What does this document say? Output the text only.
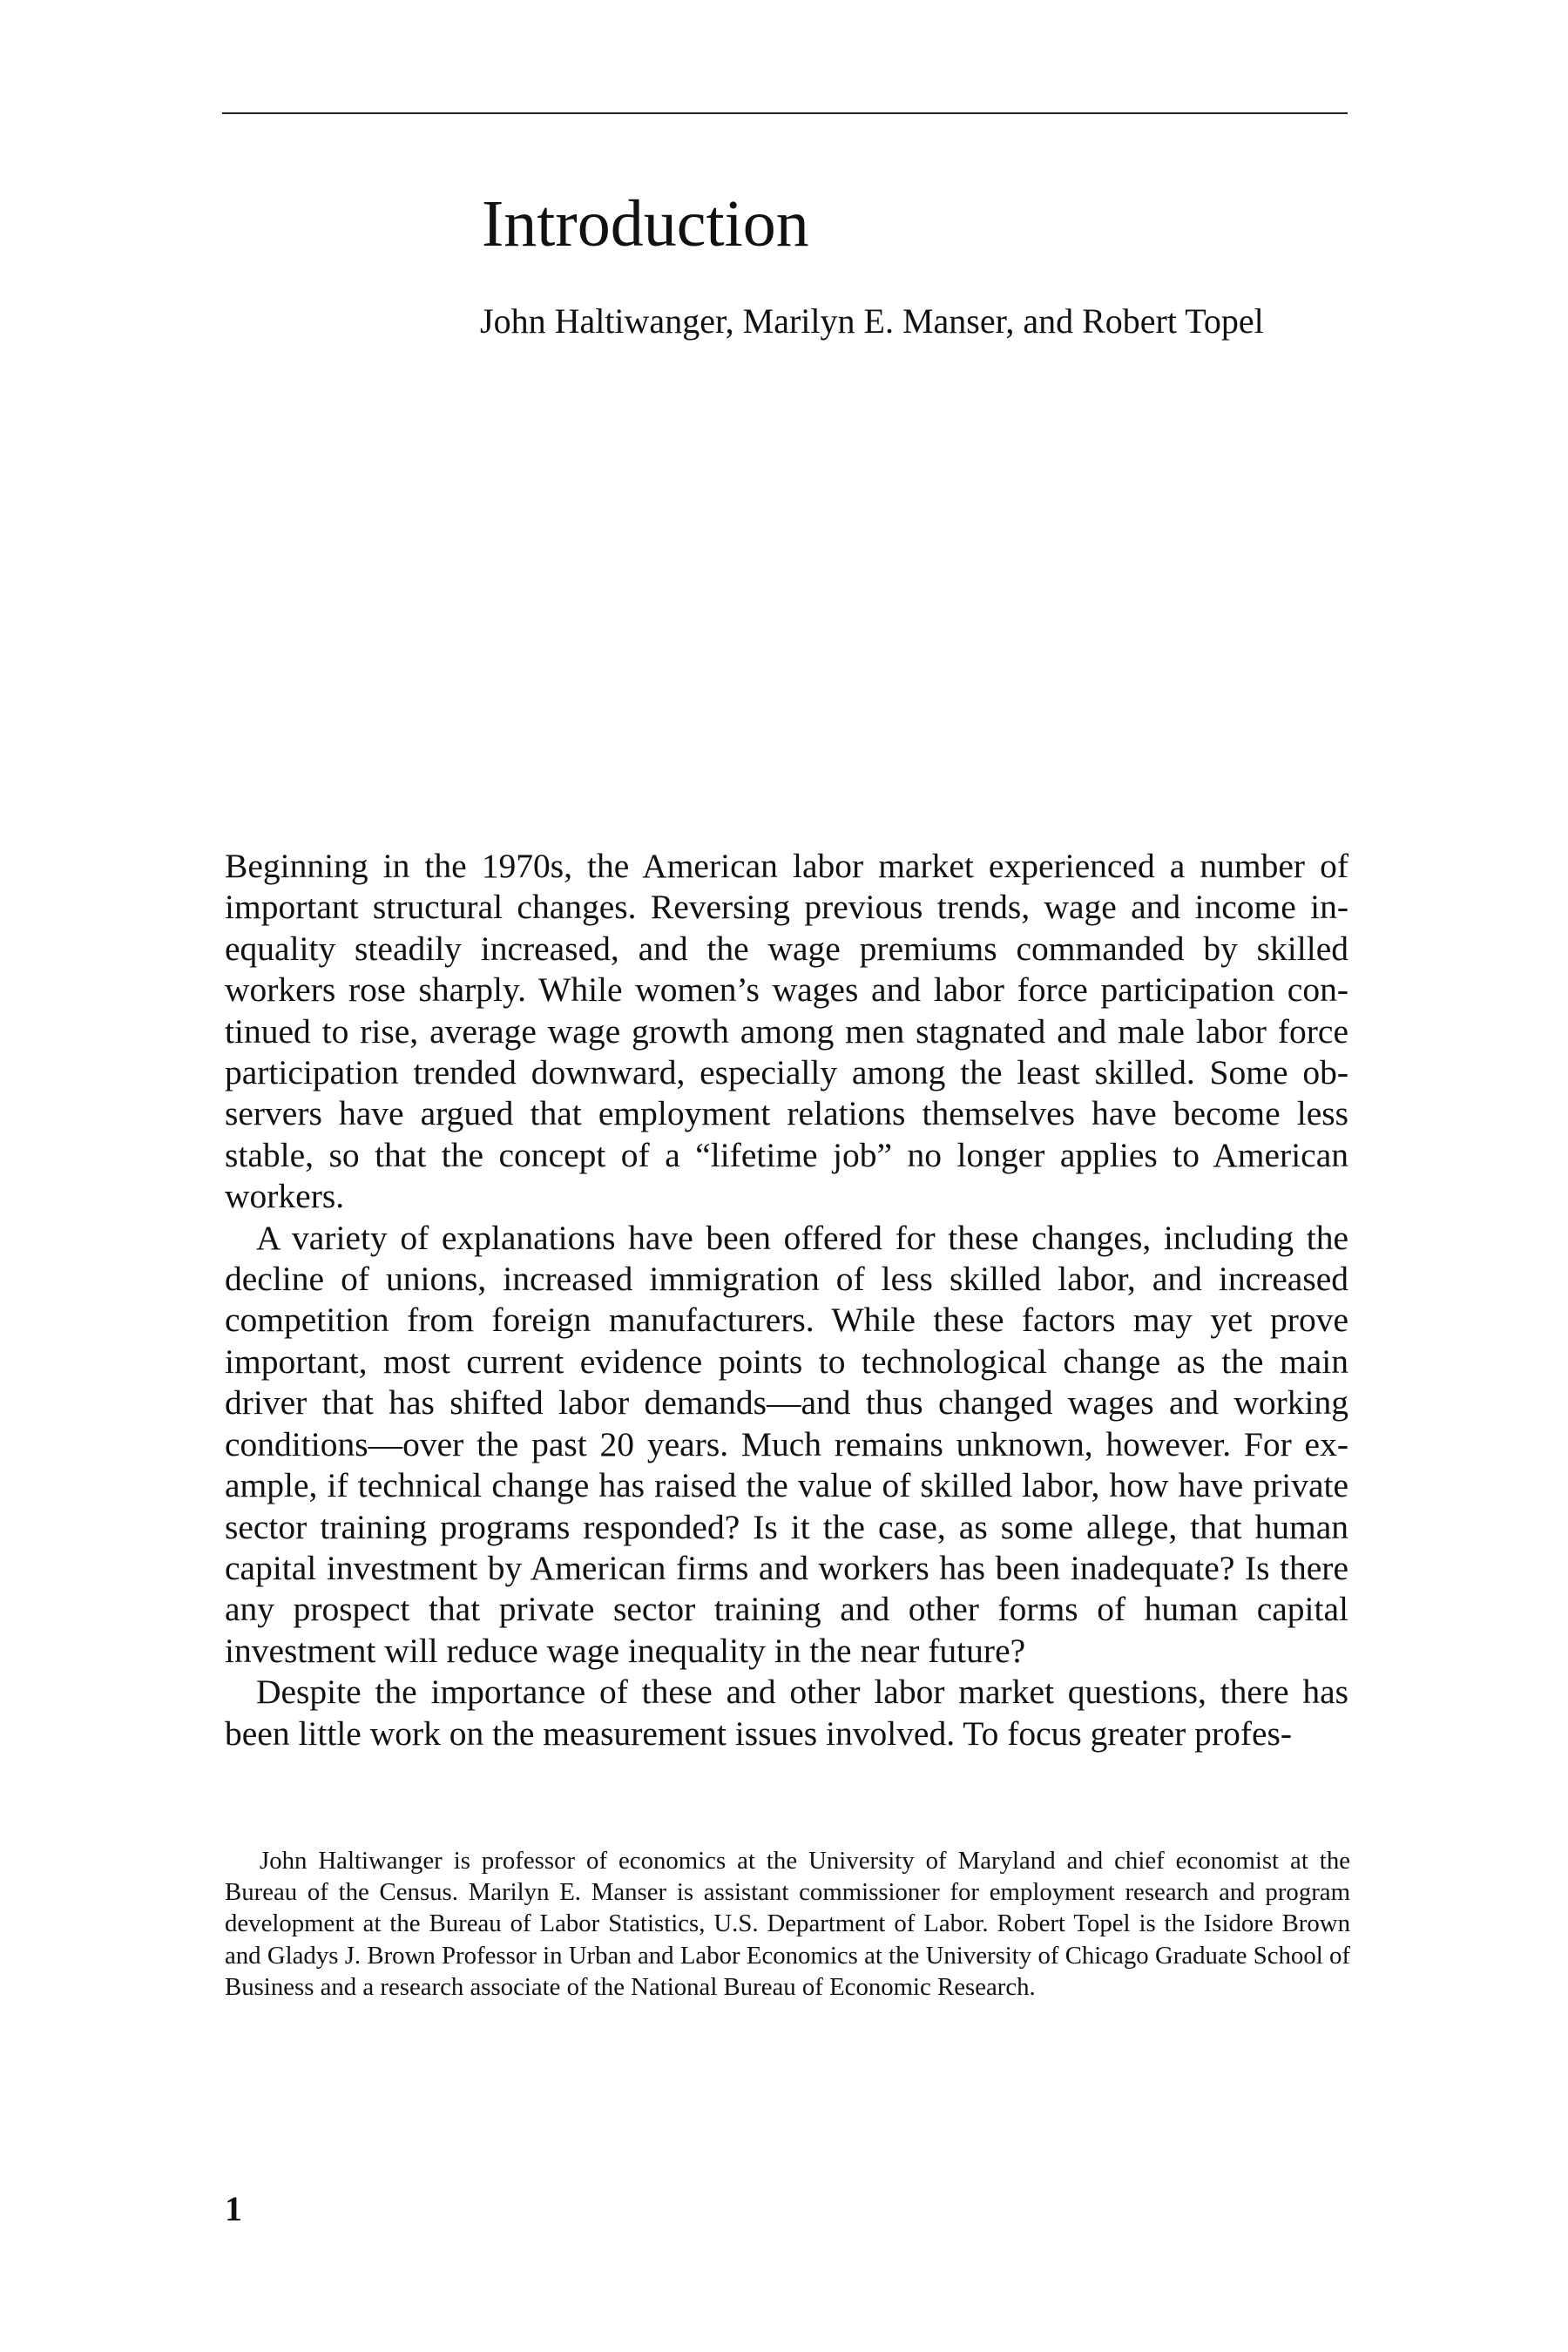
Introduction

John Haltiwanger, Marilyn E. Manser, and Robert Topel

Beginning in the 1970s, the American labor market experienced a number of important structural changes. Reversing previous trends, wage and income inequality steadily increased, and the wage premiums commanded by skilled workers rose sharply. While women’s wages and labor force participation continued to rise, average wage growth among men stagnated and male labor force participation trended downward, especially among the least skilled. Some observers have argued that employment relations themselves have become less stable, so that the concept of a “lifetime job” no longer applies to American workers.

A variety of explanations have been offered for these changes, including the decline of unions, increased immigration of less skilled labor, and increased competition from foreign manufacturers. While these factors may yet prove important, most current evidence points to technological change as the main driver that has shifted labor demands—and thus changed wages and working conditions—over the past 20 years. Much remains unknown, however. For example, if technical change has raised the value of skilled labor, how have private sector training programs responded? Is it the case, as some allege, that human capital investment by American firms and workers has been inadequate? Is there any prospect that private sector training and other forms of human capital investment will reduce wage inequality in the near future?

Despite the importance of these and other labor market questions, there has been little work on the measurement issues involved. To focus greater profes-

John Haltiwanger is professor of economics at the University of Maryland and chief economist at the Bureau of the Census. Marilyn E. Manser is assistant commissioner for employment research and program development at the Bureau of Labor Statistics, U.S. Department of Labor. Robert Topel is the Isidore Brown and Gladys J. Brown Professor in Urban and Labor Economics at the University of Chicago Graduate School of Business and a research associate of the National Bureau of Economic Research.

1
